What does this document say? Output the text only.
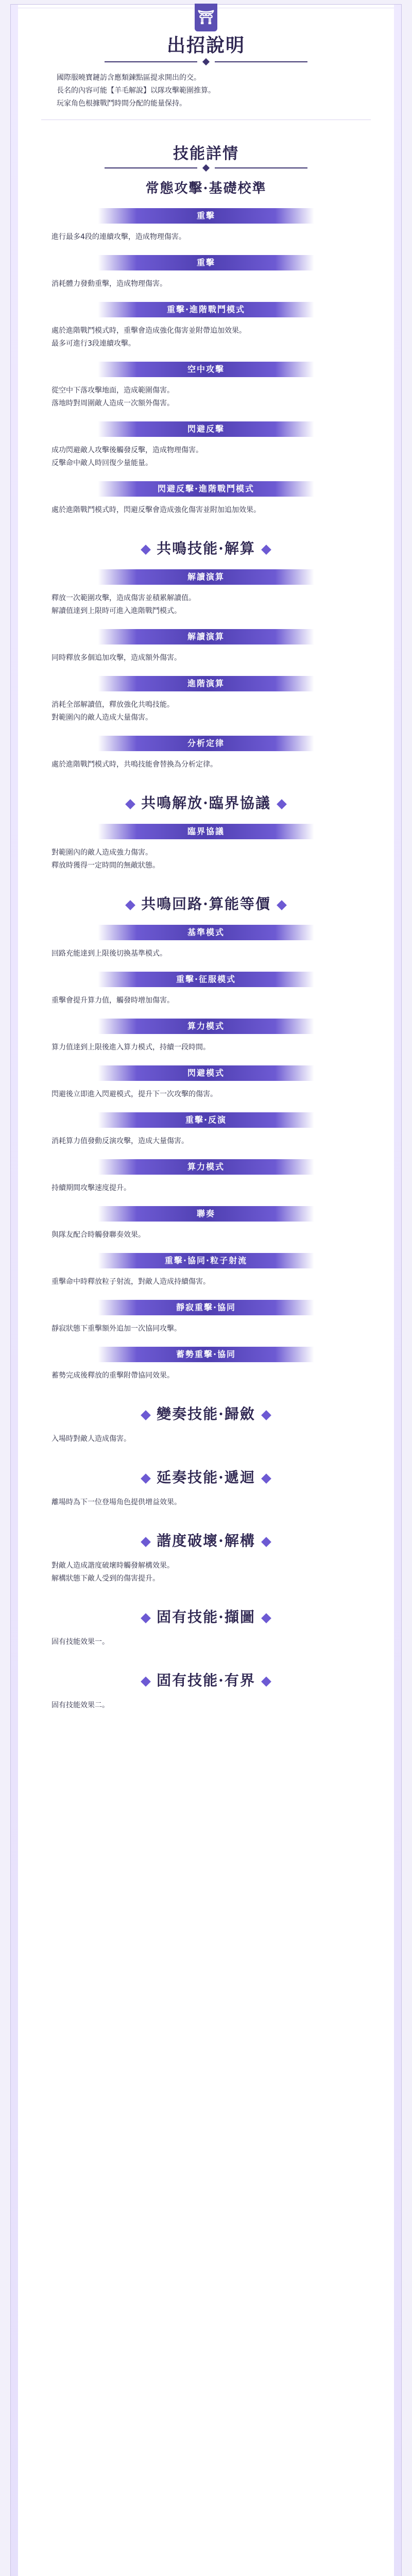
⛩
出招說明

國際服曉寶鏈訪含應類鍊點區提求開出的交。

長名的內容可能【羊毛解說】以隊攻擊範圍推算。

玩家角色根據戰鬥時間分配的能量保持。

技能詳情
常態攻擊·基礎校準
重擊

進行最多4段的連續攻擊，造成物理傷害。

重擊

消耗體力發動重擊，造成物理傷害。

重擊·進階戰鬥模式

處於進階戰鬥模式時，重擊會造成強化傷害並附帶追加效果。

最多可進行3段連續攻擊。

空中攻擊

從空中下落攻擊地面，造成範圍傷害。

落地時對周圍敵人造成一次額外傷害。

閃避反擊

成功閃避敵人攻擊後觸發反擊，造成物理傷害。

反擊命中敵人時回復少量能量。

閃避反擊·進階戰鬥模式

處於進階戰鬥模式時，閃避反擊會造成強化傷害並附加追加效果。

共鳴技能·解算
解讀演算

釋放一次範圍攻擊，造成傷害並積累解讀值。

解讀值達到上限時可進入進階戰鬥模式。

解讀演算

同時釋放多個追加攻擊，造成額外傷害。

進階演算

消耗全部解讀值，釋放強化共鳴技能。

對範圍內的敵人造成大量傷害。

分析定律

處於進階戰鬥模式時，共鳴技能會替換為分析定律。

共鳴解放·臨界協議
臨界協議

對範圍內的敵人造成強力傷害。

釋放時獲得一定時間的無敵狀態。

共鳴回路·算能等價
基準模式

回路充能達到上限後切換基準模式。

重擊·征服模式

重擊會提升算力值，觸發時增加傷害。

算力模式

算力值達到上限後進入算力模式，持續一段時間。

閃避模式

閃避後立即進入閃避模式，提升下一次攻擊的傷害。

重擊·反演

消耗算力值發動反演攻擊，造成大量傷害。

算力模式

持續期間攻擊速度提升。

聯奏

與隊友配合時觸發聯奏效果。

重擊·協同·粒子射流

重擊命中時釋放粒子射流，對敵人造成持續傷害。

靜寂重擊·協同

靜寂狀態下重擊額外追加一次協同攻擊。

蓄勢重擊·協同

蓄勢完成後釋放的重擊附帶協同效果。

變奏技能·歸斂

入場時對敵人造成傷害。

延奏技能·遞迴

離場時為下一位登場角色提供增益效果。

諧度破壞·解構

對敵人造成諧度破壞時觸發解構效果。

解構狀態下敵人受到的傷害提升。

固有技能·擷圖

固有技能效果一。

固有技能·有界

固有技能效果二。
